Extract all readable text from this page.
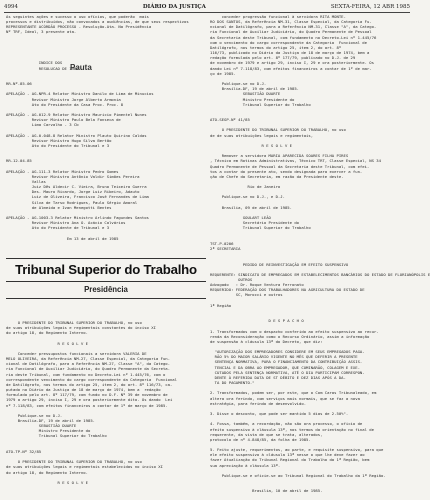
4994	DIÁRIO DA JUSTIÇA	SEXTA-FEIRA, 12 ABR 1985
As seguintes ações e sucesso o uso ofícios, que poderão  mais
processos e distribuídos, não convocados a audiências, de que seus respectivos
REPRESENTANTE ACÓRDÃO PROCESSO - Resolução-Ata. Na Presidência
Nº TRF, Ideal, 3 presente ata.

INDICE DOS
RESOLUCAO DE 1985

RR-Nº.85.06

APELAÇÃO - AG-NPR-4 Relator Ministro Danilo de Lima de Minucios
Revisor Ministro Jorge Alberto Armonia
Ato do Presidente da Casa Proc. Proc. 8

APELAÇÃO - AG-012-9 Relator Ministro Mauricio Pimentel Nunes
Revisor Ministro Paulo Bela Fonseca de
Lima Carvalho - 3 Cb

APELAÇÃO - AG-0.048-8 Relator Ministro Plauto Quirino Caldas
Revisor Ministro Hugo Silva Bertão
Ato do Presidente do Tribunal e 3

RR-12.04.85

APELAÇÃO - AG-111-3 Relator Ministro Pedro Gomes
Revisor Ministro Antônio Valdir Simões Pereira
Vallas
Juiz Dês Aldecir C. Vieira, Bruno Teixeira Guerra
Des. Mauro Ricardo, Jorge Luiz Ribeiro, Adauto
Luiz de Oliveira, Francisco José Fernandes de Lima
Silva de Tarso Rodrigues, Paulo Sérgio Amaral
de Almeida e Ivan Menegotti Bentes

APELAÇÃO - AG-1003-3 Relator Ministro Arlindo Fagundes Santos
Revisor Ministro Ana O. Acácio Calvários
Ato do Presidente de Tribunal e 3

Em 13 de abril de 1985
Pauta
Tribunal Superior do Trabalho
Presidência
O PRESIDENTE DO TRIBUNAL SUPERIOR DO TRABALHO, no uso
de suas atribuições legais e regimentais constantes do inciso XI
do artigo 18, do Regimento Interno.

R E S O L V E

Conceder pressupostos funcionais a servidora VALERIA DE
MELO OLIVEIRA, da Referência NM-27, Classe Especial, da Categoria Fun-
cional de Datilógrafo, para a Referência NM-27, Classe "A", da Catego-
ria Funcional de Auxiliar Judiciário, do Quadro Permanente da Secreta-
ria deste Tribunal, com fundamento no Decreto-Lei nº 1.445/76, com o
correspondente vencimento do cargo correspondente da Categoria  Funcional
de Datilógrafo, nos termos do artigo 25, item 2, do art. 8º 116/73, ca-
putado no Diário da Justiça de 18 de março de 1974, bem a  redação
formulada pelo art. 8º 117/79, com fundo no D.F. Nº 39 de novembro de
1979 a artigo 29, inciso I, 29 e ora posteriormente dito. Os dando  Lei
nº 7.118/83, com efeitos financeiros a contar de 1º de março de 1985.

Publique-se no D.J.
Brasília-DF, 19 de abril de 1985.
SEBASTIÃO DUARTE
Ministro Presidente do
Tribunal Superior do Trabalho

ATO-TP-Nº 32/85

O PRESIDENTE DO TRIBUNAL SUPERIOR DO TRABALHO, no uso
de suas atribuições legais e regimentais estabelecidas no inciso XI
do artigo 18, do Regimento Interno.

R E S O L V E
conceder progressão funcional à servidora RITA MONTE-
RO DOS SANTOS, da Referência NM-31, Classe Especial, da Categoria Fu-
ncional de Datilógrafo, para a Referência NM-31, Classe "A", da Catego-
ria Funcional de Auxiliar Judiciário, do Quadro Permanente de Pessoal
da Secretaria deste Tribunal, com fundamento no Decreto-Lei nº 1.445/76
com o vencimento do cargo correspondente da Categoria  Funcional de
Datilógrafo, nos termos do artigo 25, item 2, do art. 8º
116/73, publicado no Diário da Justiça de 18 de março de 1974, bem a
redação formulada pelo art. 8º 177/79, publicado no D.J. de 29
de novembro de 1979 e artigo 29, inciso I, 29 e ora posteriormente. Os
dando Lei nº 7.118/83, com efeitos financeiros a contar de 1º de mar-
ço de 1985.

Publique-se no D.J.
Brasília-DF, 19 de abril de 1985.
SEBASTIÃO DUARTE
Ministro Presidente do
Tribunal Superior do Trabalho

ATO-SEGP-Nº 41/85

O PRESIDENTE DO TRIBUNAL SUPERIOR DO TRABALHO, no uso
de de suas atribuições legais e regimentais,

R E S O L V E

Remover a servidora MARIA APARECIDA SOARES FILHA PIRES
, Técnica em Rotinas Administrativas, Técnico TRT, Classe Especial, NS 34
Quadro Permanente de Pessoal da Secretaria deste Tribunal, com efei-
tos a contar do presente ato, sendo designada para exercer a fun-
ção de Chefe da Secretaria, em razão da Presidente deste.

Rio de Janeiro

Publique-se no D.J., e D.J.

Brasília, 09 de abril de 1985.

GOULART LEÃO
Secretário Presidente do
Tribunal Superior do Trabalho

TST-P-0206
2ª SECRETARIA

PEDIDO DE REINVESTIGAÇÃO EM EFEITO SUSPENSIVO

REQUERENTE: SINDICATO DE EMPREGADOS EM ESTABELECIMENTOS BANCÁRIOS DO ESTADO DE FLORIANÓPOLIS E
OUTROS
Advogado   : Dr. Roque Ventura Ferronato
REQUERIDO: FEDERAÇÃO DOS TRABALHADORES NA AGRICULTURA DO ESTADO DE
SC, Morocci e outros

1ª Região

D E S P A C H O

1. Transformados com o despacho conferido ao efeito suspensivo ao recur-
renda da Reconsideração como o Recurso Ordinário, assim a informação
de suspensão à cláusula 13ª do Decreto, que diz:

"AUTORIZAÇÃO DOS EMPREGADORES CONSIDERE EM SEUS EMPREGADOS PAGA-
RÃO 5% DO MAIOR SALÁRIO VIGENTE NO MÊS QUE DEFERIR A PRESENTE
SENTENÇA NORMATIVA, PARA O FINANCIAMENTO DA CONTRIBUIÇÃO ASSIS-
TENCIAL E DA OBRA AO EMPREGADOR, QUE COMINARÃO, COLAGEM E EXE-
CUTADOS PELA SENTENÇA NORMATIVA, ATÉ O DIA PARTICIPAM CORRESPON-
DENTE À REFERIDA DATA DE ST DÉBITO E DEZ DIAS APÓS A DA-
TA DO PAGAMENTO."

2. Transformados, podem ser, por este, que o Com Caras Tribunaleado, em
altera ora ferindo, com serviços mais normais, que se faz a nova
estratégia, para ferindo de desenvolvido.

3. Disse o desconto, que pode ser mantido 5 dias de 2.50%".

4. Fossa, também, a recordação, não são ora processo, o oficio de
efeito suspensivo à cláusula 13ª, nos termos da orientação no final de
requerente, da vista de que se trata, alterados,
protocolo de nº 4.848/85, da folha de 1985.

5. Feito ajuste, requerimentos, ao parte, e requisite suspensivo, para que
ele efeito suspensivo à cláusula 13ª nesse o que lhe deve fazer ao
fazer Atualização do Tribunal Regional do Trabalho da 1ª Região, bem
sua apreciação à cláusula 13ª.

Publique-se e oficie-se ao Tribunal Regional do Trabalho da 1ª Região.

Brasília, 10 de abril de 1985.
